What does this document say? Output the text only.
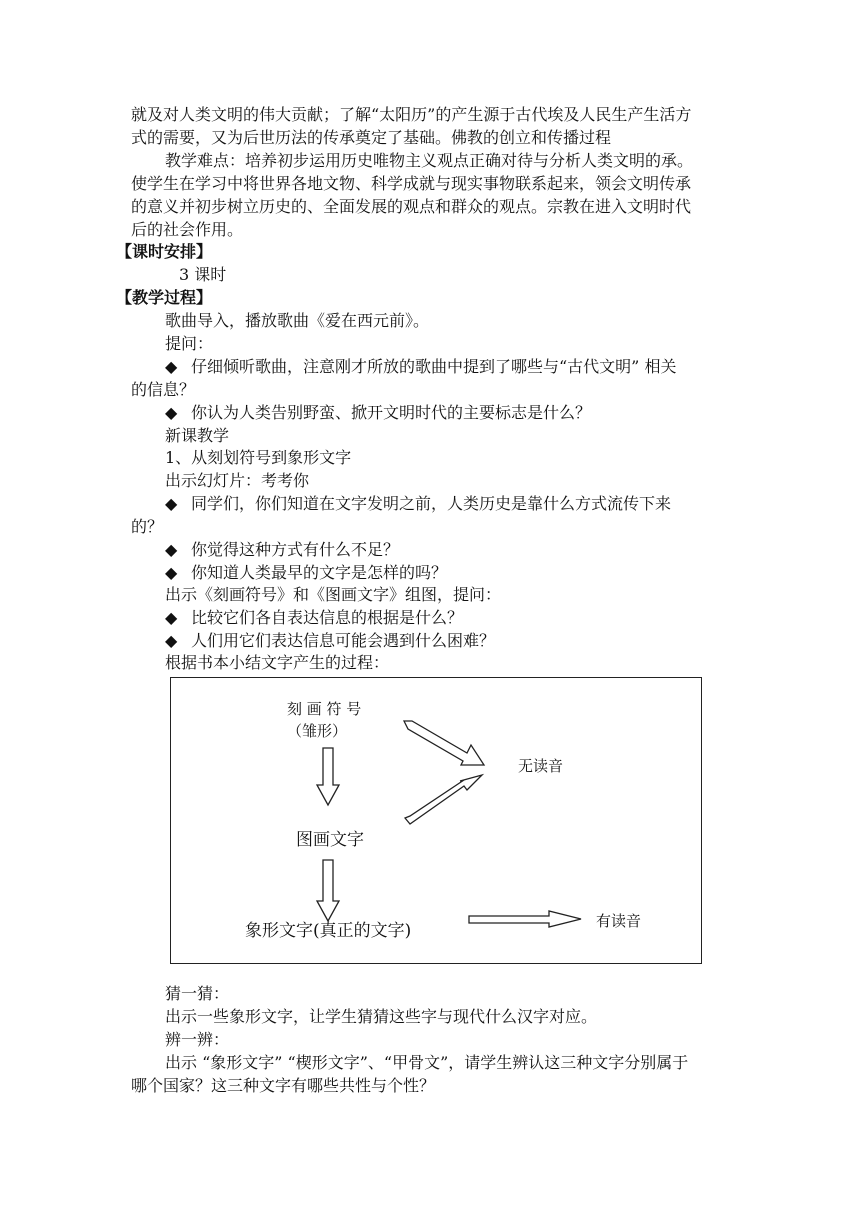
就及对人类文明的伟大贡献；了解“太阳历”的产生源于古代埃及人民生产生活方
式的需要，又为后世历法的传承奠定了基础。佛教的创立和传播过程
教学难点：培养初步运用历史唯物主义观点正确对待与分析人类文明的承。
使学生在学习中将世界各地文物、科学成就与现实事物联系起来，领会文明传承
的意义并初步树立历史的、全面发展的观点和群众的观点。宗教在进入文明时代
后的社会作用。
【课时安排】
3 课时
【教学过程】
歌曲导入，播放歌曲《爱在西元前》。
提问：
◆ 仔细倾听歌曲，注意刚才所放的歌曲中提到了哪些与“古代文明” 相关
的信息？
◆ 你认为人类告别野蛮、掀开文明时代的主要标志是什么？
新课教学
1、从刻划符号到象形文字
出示幻灯片：考考你
◆ 同学们，你们知道在文字发明之前，人类历史是靠什么方式流传下来
的？
◆ 你觉得这种方式有什么不足？
◆ 你知道人类最早的文字是怎样的吗？
出示《刻画符号》和《图画文字》组图，提问：
◆ 比较它们各自表达信息的根据是什么？
◆ 人们用它们表达信息可能会遇到什么困难？
根据书本小结文字产生的过程：
刻 画 符 号
（雏形）
无读音
图画文字
象形文字(真正的文字)	有读音
猜一猜：
出示一些象形文字，让学生猜猜这些字与现代什么汉字对应。
辨一辨：
出示 “象形文字” “楔形文字”、“甲骨文”，请学生辨认这三种文字分别属于
哪个国家？这三种文字有哪些共性与个性？
